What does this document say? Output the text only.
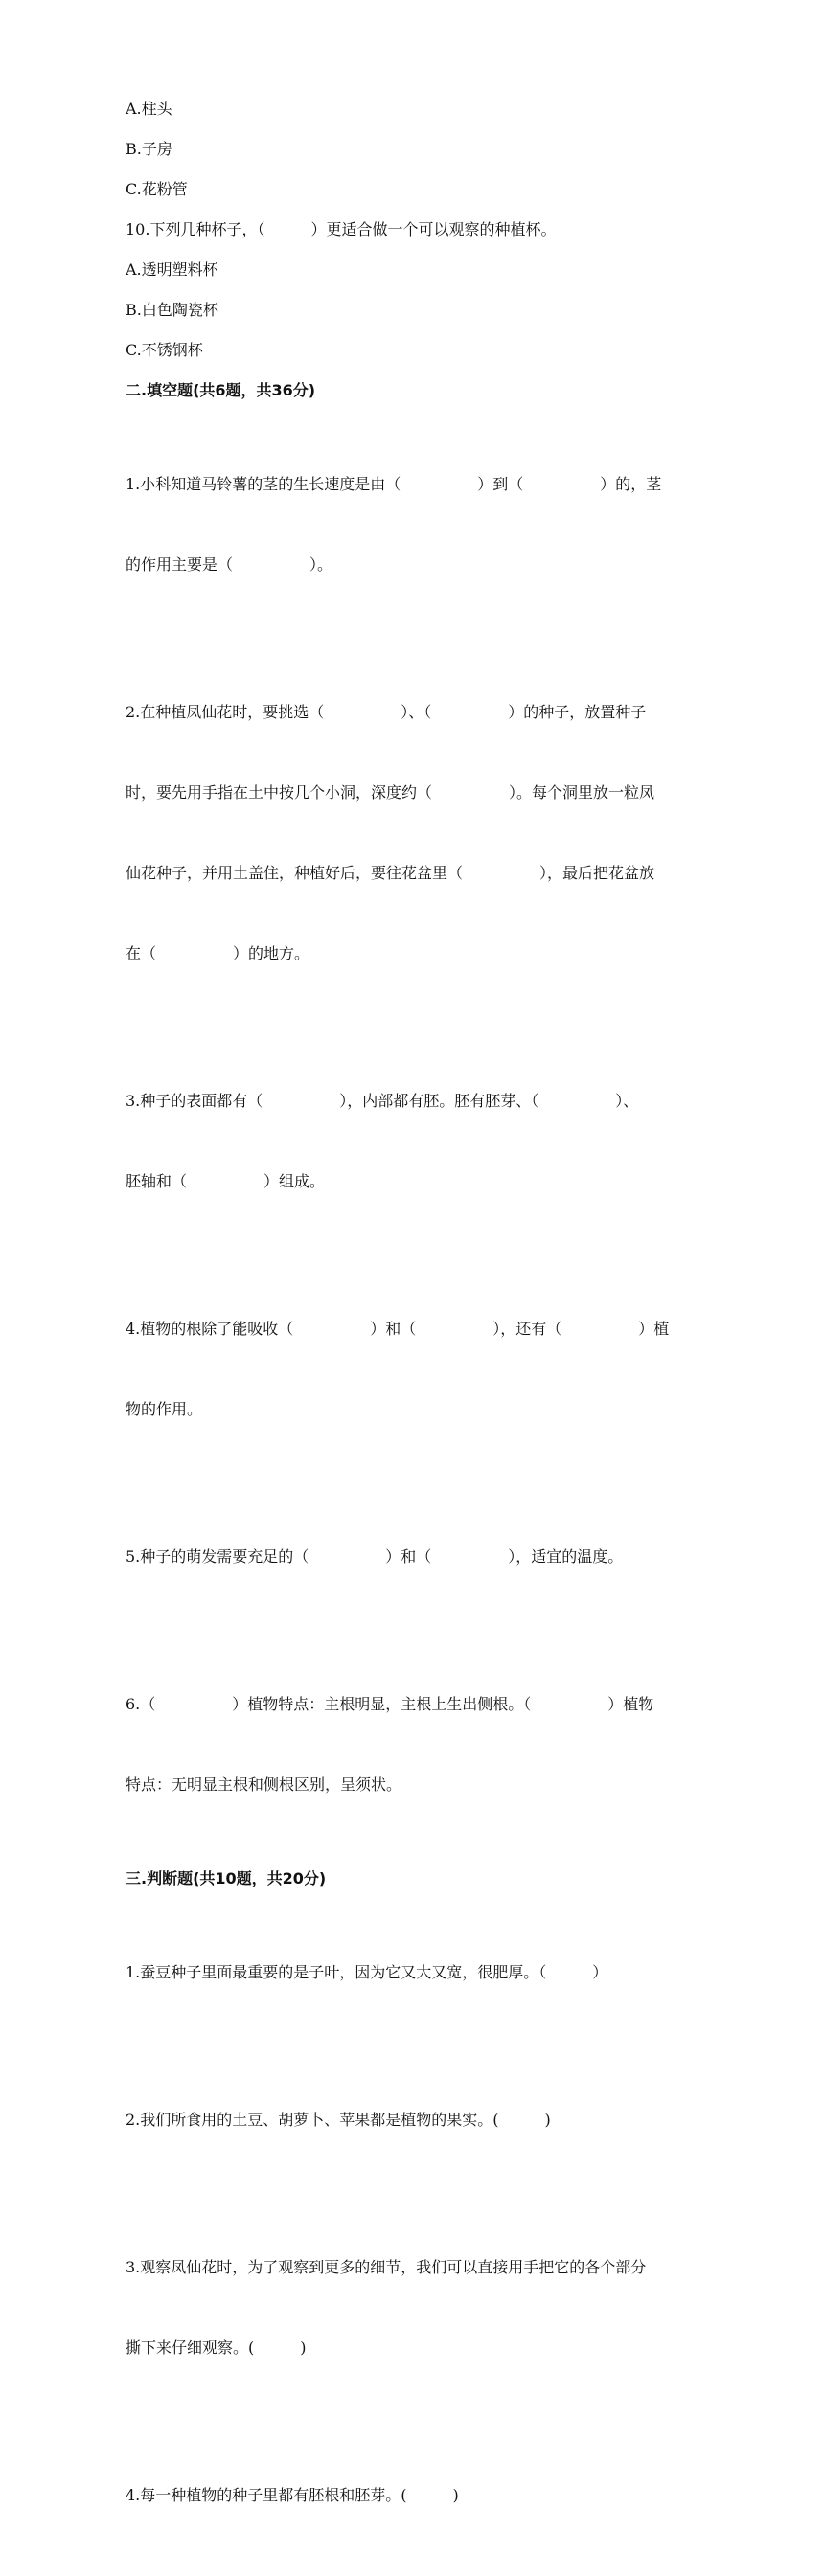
A.柱头
B.子房
C.花粉管
10.下列几种杯子，（　　　）更适合做一个可以观察的种植杯。
A.透明塑料杯
B.白色陶瓷杯
C.不锈钢杯
二.填空题(共6题，共36分)

1.小科知道马铃薯的茎的生长速度是由（　　　　　）到（　　　　　）的，茎

的作用主要是（　　　　　）。

2.在种植凤仙花时，要挑选（　　　　　）、（　　　　　）的种子，放置种子

时，要先用手指在土中按几个小洞，深度约（　　　　　）。每个洞里放一粒凤

仙花种子，并用土盖住，种植好后，要往花盆里（　　　　　），最后把花盆放

在（　　　　　）的地方。

3.种子的表面都有（　　　　　），内部都有胚。胚有胚芽、（　　　　　）、

胚轴和（　　　　　）组成。

4.植物的根除了能吸收（　　　　　）和（　　　　　），还有（　　　　　）植

物的作用。

5.种子的萌发需要充足的（　　　　　）和（　　　　　），适宜的温度。

6.（　　　　　）植物特点：主根明显，主根上生出侧根。（　　　　　）植物

特点：无明显主根和侧根区别，呈须状。

三.判断题(共10题，共20分)

1.蚕豆种子里面最重要的是子叶，因为它又大又宽，很肥厚。（　　　）

2.我们所食用的土豆、胡萝卜、苹果都是植物的果实。(　　　)

3.观察凤仙花时，为了观察到更多的细节，我们可以直接用手把它的各个部分

撕下来仔细观察。(　　　)

4.每一种植物的种子里都有胚根和胚芽。(　　　)
